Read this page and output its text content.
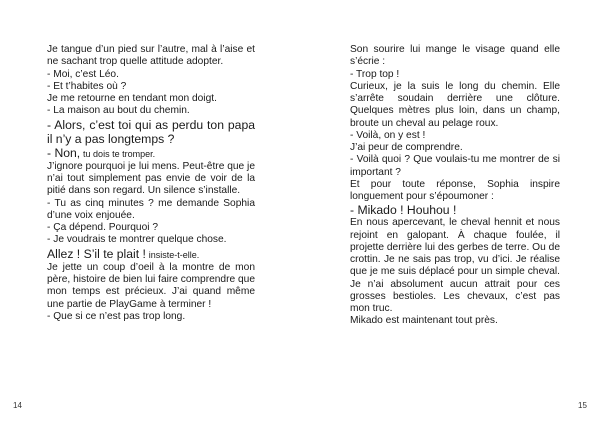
Je tangue d’un pied sur l’autre, mal à l’aise et ne sachant trop quelle attitude adopter.

- Moi, c’est Léo.

- Et t’habites où ?

Je me retourne en tendant mon doigt.

- La maison au bout du chemin.

- Alors, c’est toi qui as perdu ton papa il n’y a pas longtemps ?

- Non, tu dois te tromper.

J’ignore pourquoi je lui mens. Peut-être que je n’ai tout simplement pas envie de voir de la pitié dans son regard. Un silence s’installe.

- Tu as cinq minutes ? me demande Sophia d’une voix enjouée.

- Ça dépend. Pourquoi ?

- Je voudrais te montrer quelque chose.

Allez ! S’il te plait ! insiste-t-elle.

Je jette un coup d’oeil à la montre de mon père, histoire de bien lui faire comprendre que mon temps est précieux. J’ai quand même une partie de PlayGame à terminer !

- Que si ce n’est pas trop long.

Son sourire lui mange le visage quand elle s’écrie :

- Trop top !

Curieux, je la suis le long du chemin. Elle s’arrête soudain derrière une clôture. Quelques mètres plus loin, dans un champ, broute un cheval au pelage roux.

- Voilà, on y est !

J’ai peur de comprendre.

- Voilà quoi ? Que voulais-tu me montrer de si important ?

Et pour toute réponse, Sophia inspire longuement pour s’époumoner :

- Mikado ! Houhou !

En nous apercevant, le cheval hennit et nous rejoint en galopant. À chaque foulée, il projette derrière lui des gerbes de terre. Ou de crottin. Je ne sais pas trop, vu d’ici. Je réalise que je me suis déplacé pour un simple cheval. Je n’ai absolument aucun attrait pour ces grosses bestioles. Les chevaux, c’est pas mon truc.

Mikado est maintenant tout près.

14	15
